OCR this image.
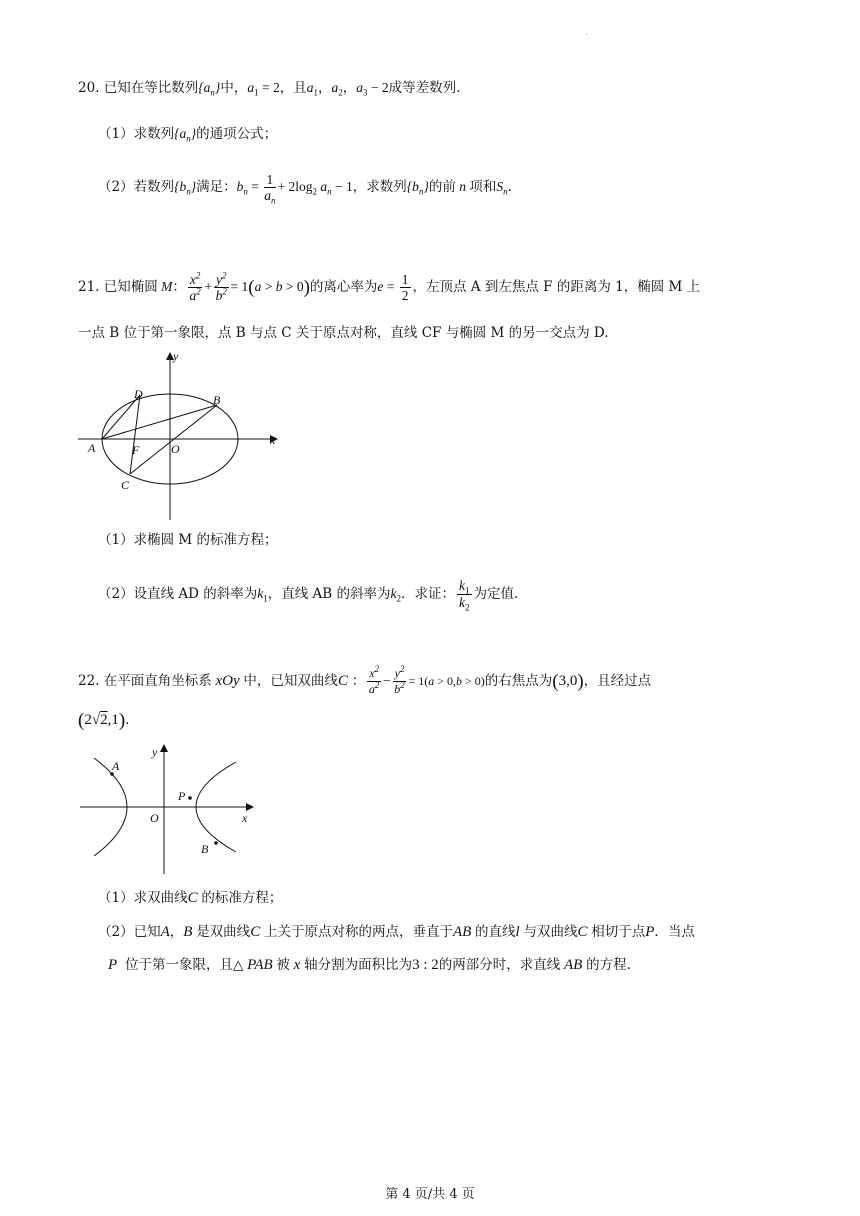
·
20. 已知在等比数列$\{a_n\}$中，$a_1 = 2$，且$a_1$，$a_2$，$a_3 - 2$成等差数列.
（1）求数列$\{a_n\}$的通项公式；
（2）若数列$\{b_n\}$满足：$b_n = \frac{1}{a_n} + 2\log_2$ $a_n - 1$，求数列$\{b_n\}$的前 n 项和$S_n$.
21. 已知椭圆 M： $\frac{x^2}{a^2} + \frac{y^2}{b^2} = 1(a > b > 0)$的离心率为$e = \frac{1}{2}$ ，左顶点 A 到左焦点 F 的距离为 1，椭圆 M 上
一点 B 位于第一象限，点 B 与点 C 关于原点对称，直线 CF 与椭圆 M 的另一交点为 D.
y
x
D	B
A	F	O
C
（1）求椭圆 M 的标准方程；
（2）设直线 AD 的斜率为$k_1$，直线 AB 的斜率为$k_2$．求证： $\frac{k_1}{k_2}$ 为定值.
22. 在平面直角坐标系 xOy 中，已知双曲线C ： $\frac{x^2}{a^2} - \frac{y^2}{b^2} = 1(a > 0,b > 0)$的右焦点为(3,0)，且经过点
(2√2,1).
y
x
A
P
O
B
（1）求双曲线C 的标准方程；
（2）已知A，B 是双曲线C 上关于原点对称的两点，垂直于AB 的直线l 与双曲线C 相切于点P．当点
P  位于第一象限，且△ PAB 被 x 轴分割为面积比为3 : 2的两部分时，求直线 AB 的方程.
第 4 页/共 4 页
